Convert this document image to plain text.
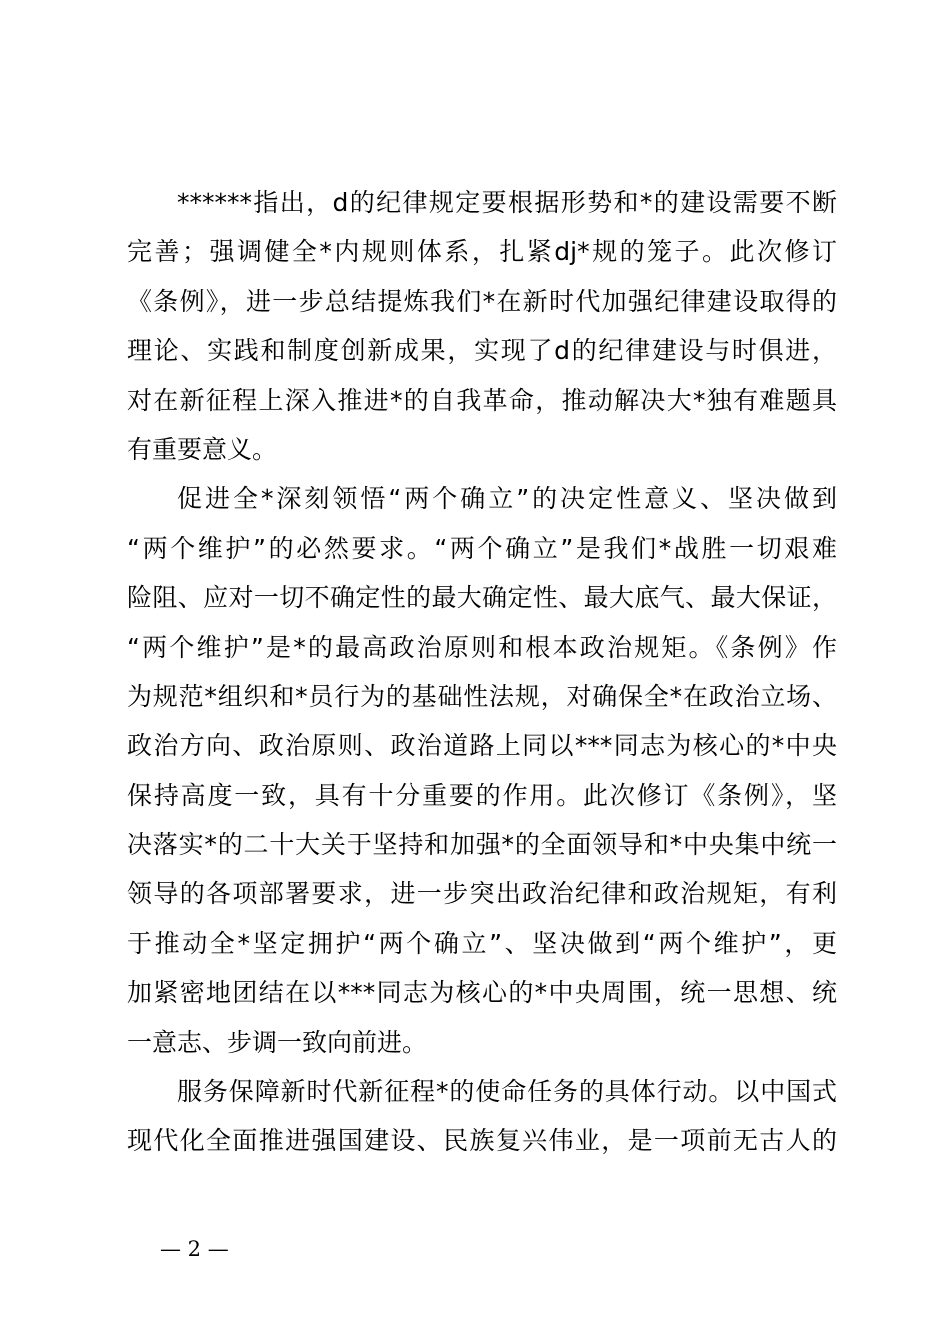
******指出，d的纪律规定要根据形势和*的建设需要不断
完善；强调健全*内规则体系，扎紧dj*规的笼子。此次修订
《条例》，进一步总结提炼我们*在新时代加强纪律建设取得的
理论、实践和制度创新成果，实现了d的纪律建设与时俱进，
对在新征程上深入推进*的自我革命，推动解决大*独有难题具
有重要意义。
促进全*深刻领悟“两个确立”的决定性意义、坚决做到
“两个维护”的必然要求。“两个确立”是我们*战胜一切艰难
险阻、应对一切不确定性的最大确定性、最大底气、最大保证，
“两个维护”是*的最高政治原则和根本政治规矩。《条例》作
为规范*组织和*员行为的基础性法规，对确保全*在政治立场、
政治方向、政治原则、政治道路上同以***同志为核心的*中央
保持高度一致，具有十分重要的作用。此次修订《条例》，坚
决落实*的二十大关于坚持和加强*的全面领导和*中央集中统一
领导的各项部署要求，进一步突出政治纪律和政治规矩，有利
于推动全*坚定拥护“两个确立”、坚决做到“两个维护”，更
加紧密地团结在以***同志为核心的*中央周围，统一思想、统
一意志、步调一致向前进。
服务保障新时代新征程*的使命任务的具体行动。以中国式
现代化全面推进强国建设、民族复兴伟业，是一项前无古人的
— 2 —
